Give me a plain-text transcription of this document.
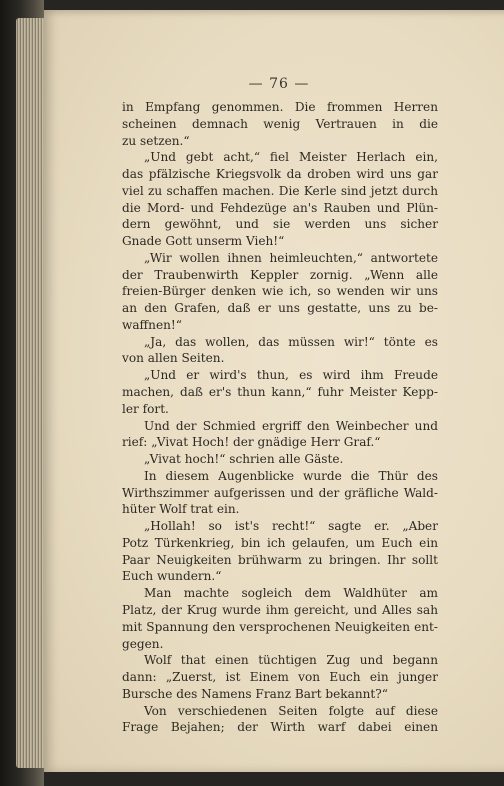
— 76 —
in Empfang genommen. Die frommen Herren
scheinen demnach wenig Vertrauen in die
zu setzen.“
„Und gebt acht,“ fiel Meister Herlach ein,
das pfälzische Kriegsvolk da droben wird uns gar
viel zu schaffen machen. Die Kerle sind jetzt durch
die Mord- und Fehdezüge an's Rauben und Plün-
dern gewöhnt, und sie werden uns sicher
Gnade Gott unserm Vieh!“
„Wir wollen ihnen heimleuchten,“ antwortete
der Traubenwirth Keppler zornig. „Wenn alle
freien-Bürger denken wie ich, so wenden wir uns
an den Grafen, daß er uns gestatte, uns zu be-
waffnen!“
„Ja, das wollen, das müssen wir!“ tönte es
von allen Seiten.
„Und er wird's thun, es wird ihm Freude
machen, daß er's thun kann,“ fuhr Meister Kepp-
ler fort.
Und der Schmied ergriff den Weinbecher und
rief: „Vivat Hoch! der gnädige Herr Graf.“
„Vivat hoch!“ schrien alle Gäste.
In diesem Augenblicke wurde die Thür des
Wirthszimmer aufgerissen und der gräfliche Wald-
hüter Wolf trat ein.
„Hollah! so ist's recht!“ sagte er. „Aber
Potz Türkenkrieg, bin ich gelaufen, um Euch ein
Paar Neuigkeiten brühwarm zu bringen. Ihr sollt
Euch wundern.“
Man machte sogleich dem Waldhüter am
Platz, der Krug wurde ihm gereicht, und Alles sah
mit Spannung den versprochenen Neuigkeiten ent-
gegen.
Wolf that einen tüchtigen Zug und begann
dann: „Zuerst, ist Einem von Euch ein junger
Bursche des Namens Franz Bart bekannt?“
Von verschiedenen Seiten folgte auf diese
Frage Bejahen; der Wirth warf dabei einen
